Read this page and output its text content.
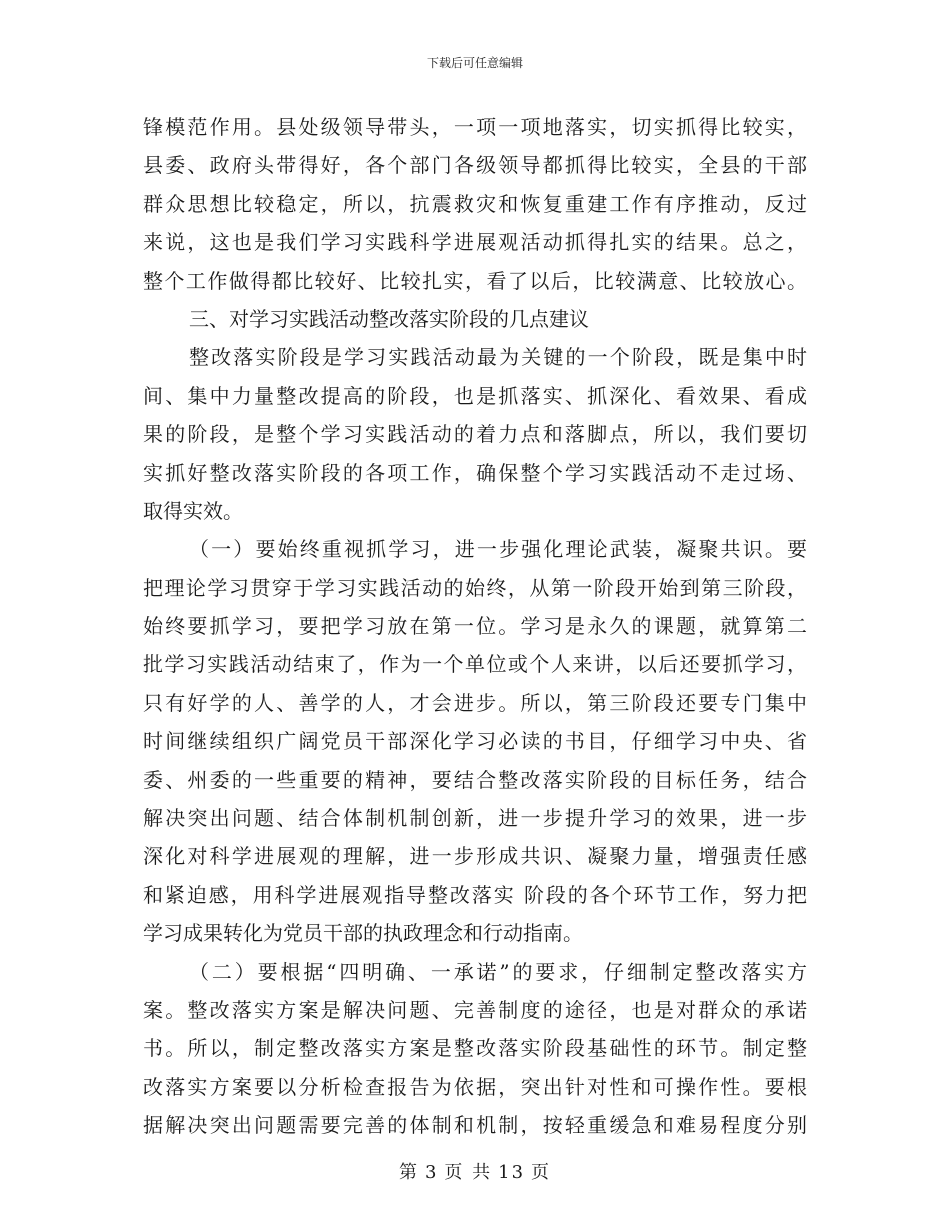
下载后可任意编辑
锋模范作用。县处级领导带头，一项一项地落实，切实抓得比较实，
县委、政府头带得好，各个部门各级领导都抓得比较实，全县的干部
群众思想比较稳定，所以，抗震救灾和恢复重建工作有序推动，反过
来说，这也是我们学习实践科学进展观活动抓得扎实的结果。总之，
整个工作做得都比较好、比较扎实，看了以后，比较满意、比较放心。
三、对学习实践活动整改落实阶段的几点建议
整改落实阶段是学习实践活动最为关键的一个阶段，既是集中时
间、集中力量整改提高的阶段，也是抓落实、抓深化、看效果、看成
果的阶段，是整个学习实践活动的着力点和落脚点，所以，我们要切
实抓好整改落实阶段的各项工作，确保整个学习实践活动不走过场、
取得实效。
（一）要始终重视抓学习，进一步强化理论武装，凝聚共识。要
把理论学习贯穿于学习实践活动的始终，从第一阶段开始到第三阶段，
始终要抓学习，要把学习放在第一位。学习是永久的课题，就算第二
批学习实践活动结束了，作为一个单位或个人来讲，以后还要抓学习，
只有好学的人、善学的人，才会进步。所以，第三阶段还要专门集中
时间继续组织广阔党员干部深化学习必读的书目，仔细学习中央、省
委、州委的一些重要的精神，要结合整改落实阶段的目标任务，结合
解决突出问题、结合体制机制创新，进一步提升学习的效果，进一步
深化对科学进展观的理解，进一步形成共识、凝聚力量，增强责任感
和紧迫感，用科学进展观指导整改落实 阶段的各个环节工作，努力把
学习成果转化为党员干部的执政理念和行动指南。
（二）要根据“四明确、一承诺”的要求，仔细制定整改落实方
案。整改落实方案是解决问题、完善制度的途径，也是对群众的承诺
书。所以，制定整改落实方案是整改落实阶段基础性的环节。制定整
改落实方案要以分析检查报告为依据，突出针对性和可操作性。要根
据解决突出问题需要完善的体制和机制，按轻重缓急和难易程度分别
第 3 页 共 13 页
